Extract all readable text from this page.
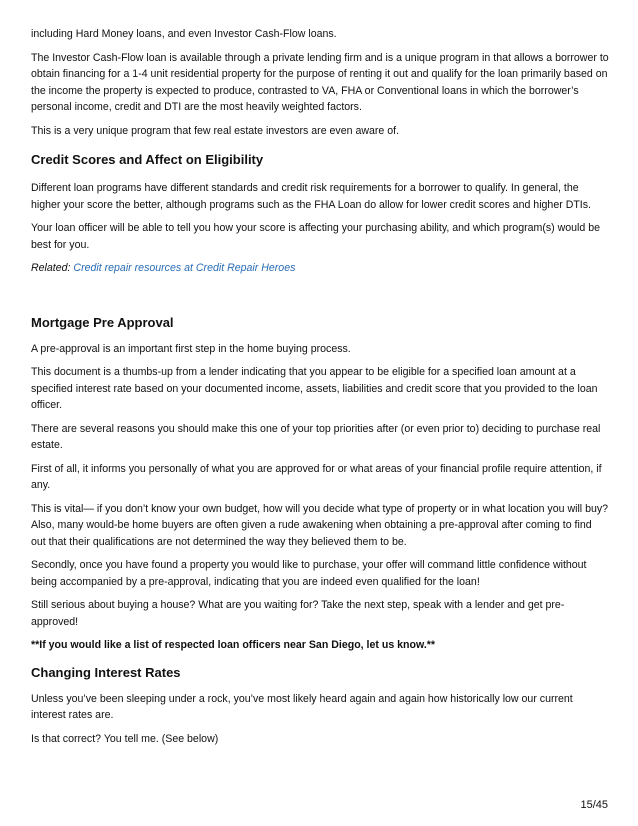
including Hard Money loans, and even Investor Cash-Flow loans.

The Investor Cash-Flow loan is available through a private lending firm and is a unique program in that allows a borrower to obtain financing for a 1-4 unit residential property for the purpose of renting it out and qualify for the loan primarily based on the income the property is expected to produce, contrasted to VA, FHA or Conventional loans in which the borrower’s personal income, credit and DTI are the most heavily weighted factors.

This is a very unique program that few real estate investors are even aware of.

Credit Scores and Affect on Eligibility

Different loan programs have different standards and credit risk requirements for a borrower to qualify. In general, the higher your score the better, although programs such as the FHA Loan do allow for lower credit scores and higher DTIs.

Your loan officer will be able to tell you how your score is affecting your purchasing ability, and which program(s) would be best for you.

Related: Credit repair resources at Credit Repair Heroes

Mortgage Pre Approval

A pre-approval is an important first step in the home buying process.

This document is a thumbs-up from a lender indicating that you appear to be eligible for a specified loan amount at a specified interest rate based on your documented income, assets, liabilities and credit score that you provided to the loan officer.

There are several reasons you should make this one of your top priorities after (or even prior to) deciding to purchase real estate.

First of all, it informs you personally of what you are approved for or what areas of your financial profile require attention, if any.

This is vital— if you don’t know your own budget, how will you decide what type of property or in what location you will buy? Also, many would-be home buyers are often given a rude awakening when obtaining a pre-approval after coming to find out that their qualifications are not determined the way they believed them to be.

Secondly, once you have found a property you would like to purchase, your offer will command little confidence without being accompanied by a pre-approval, indicating that you are indeed even qualified for the loan!

Still serious about buying a house? What are you waiting for? Take the next step, speak with a lender and get pre-approved!

**If you would like a list of respected loan officers near San Diego, let us know.**

Changing Interest Rates

Unless you’ve been sleeping under a rock, you’ve most likely heard again and again how historically low our current interest rates are.

Is that correct? You tell me. (See below)

15/45
